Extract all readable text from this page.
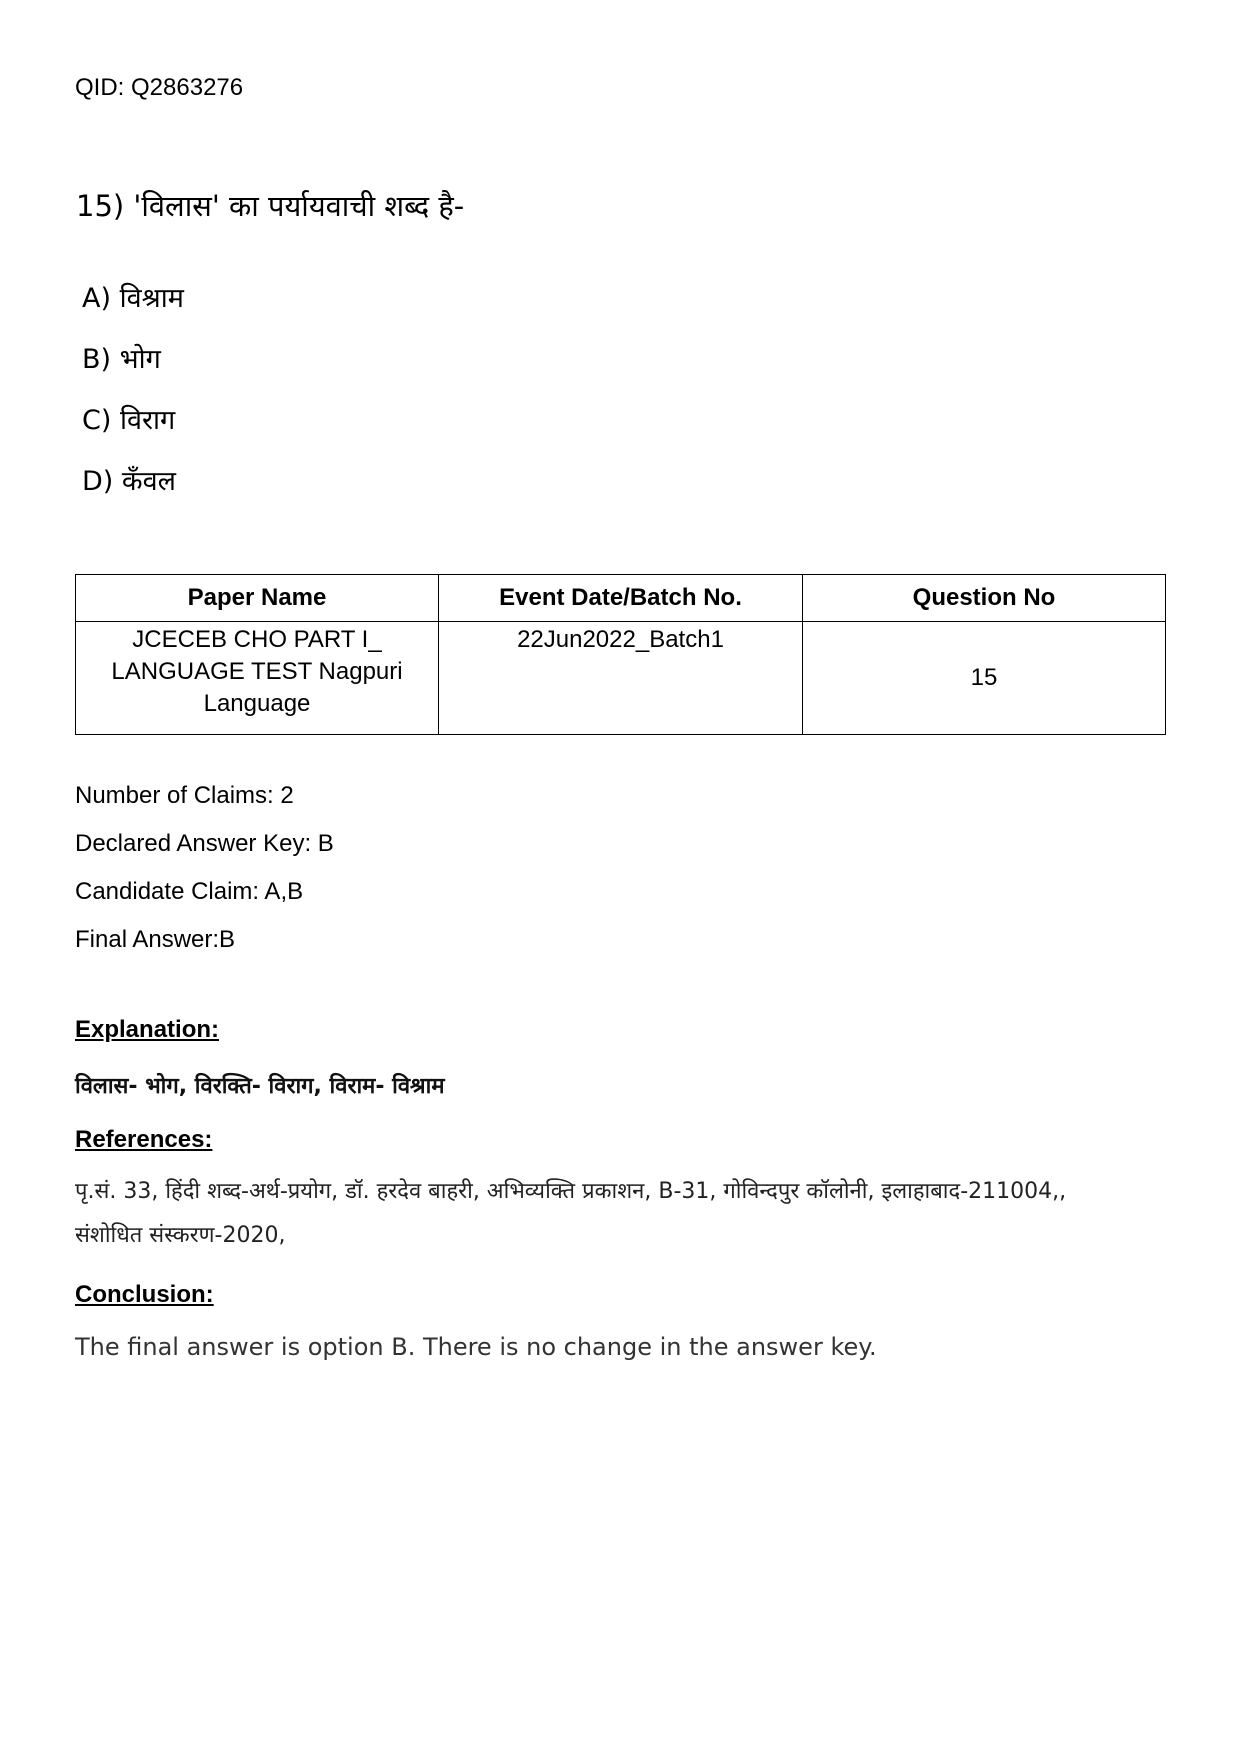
QID: Q2863276
15) 'विलास' का पर्यायवाची शब्द है-
A) विश्राम
B) भोग
C) विराग
D) कँवल
Paper Name	Event Date/Batch No.	Question No
JCECEB CHO PART I_ LANGUAGE TEST Nagpuri Language	22Jun2022_Batch1	15
Number of Claims: 2
Declared Answer Key: B
Candidate Claim: A,B
Final Answer:B
Explanation:
विलास- भोग, विरक्ति- विराग, विराम- विश्राम
References:
पृ.सं. 33, हिंदी शब्द-अर्थ-प्रयोग, डॉ. हरदेव बाहरी, अभिव्यक्ति प्रकाशन, B-31, गोविन्दपुर कॉलोनी, इलाहाबाद-211004,, संशोधित संस्करण-2020,
Conclusion:
The final answer is option B. There is no change in the answer key.
